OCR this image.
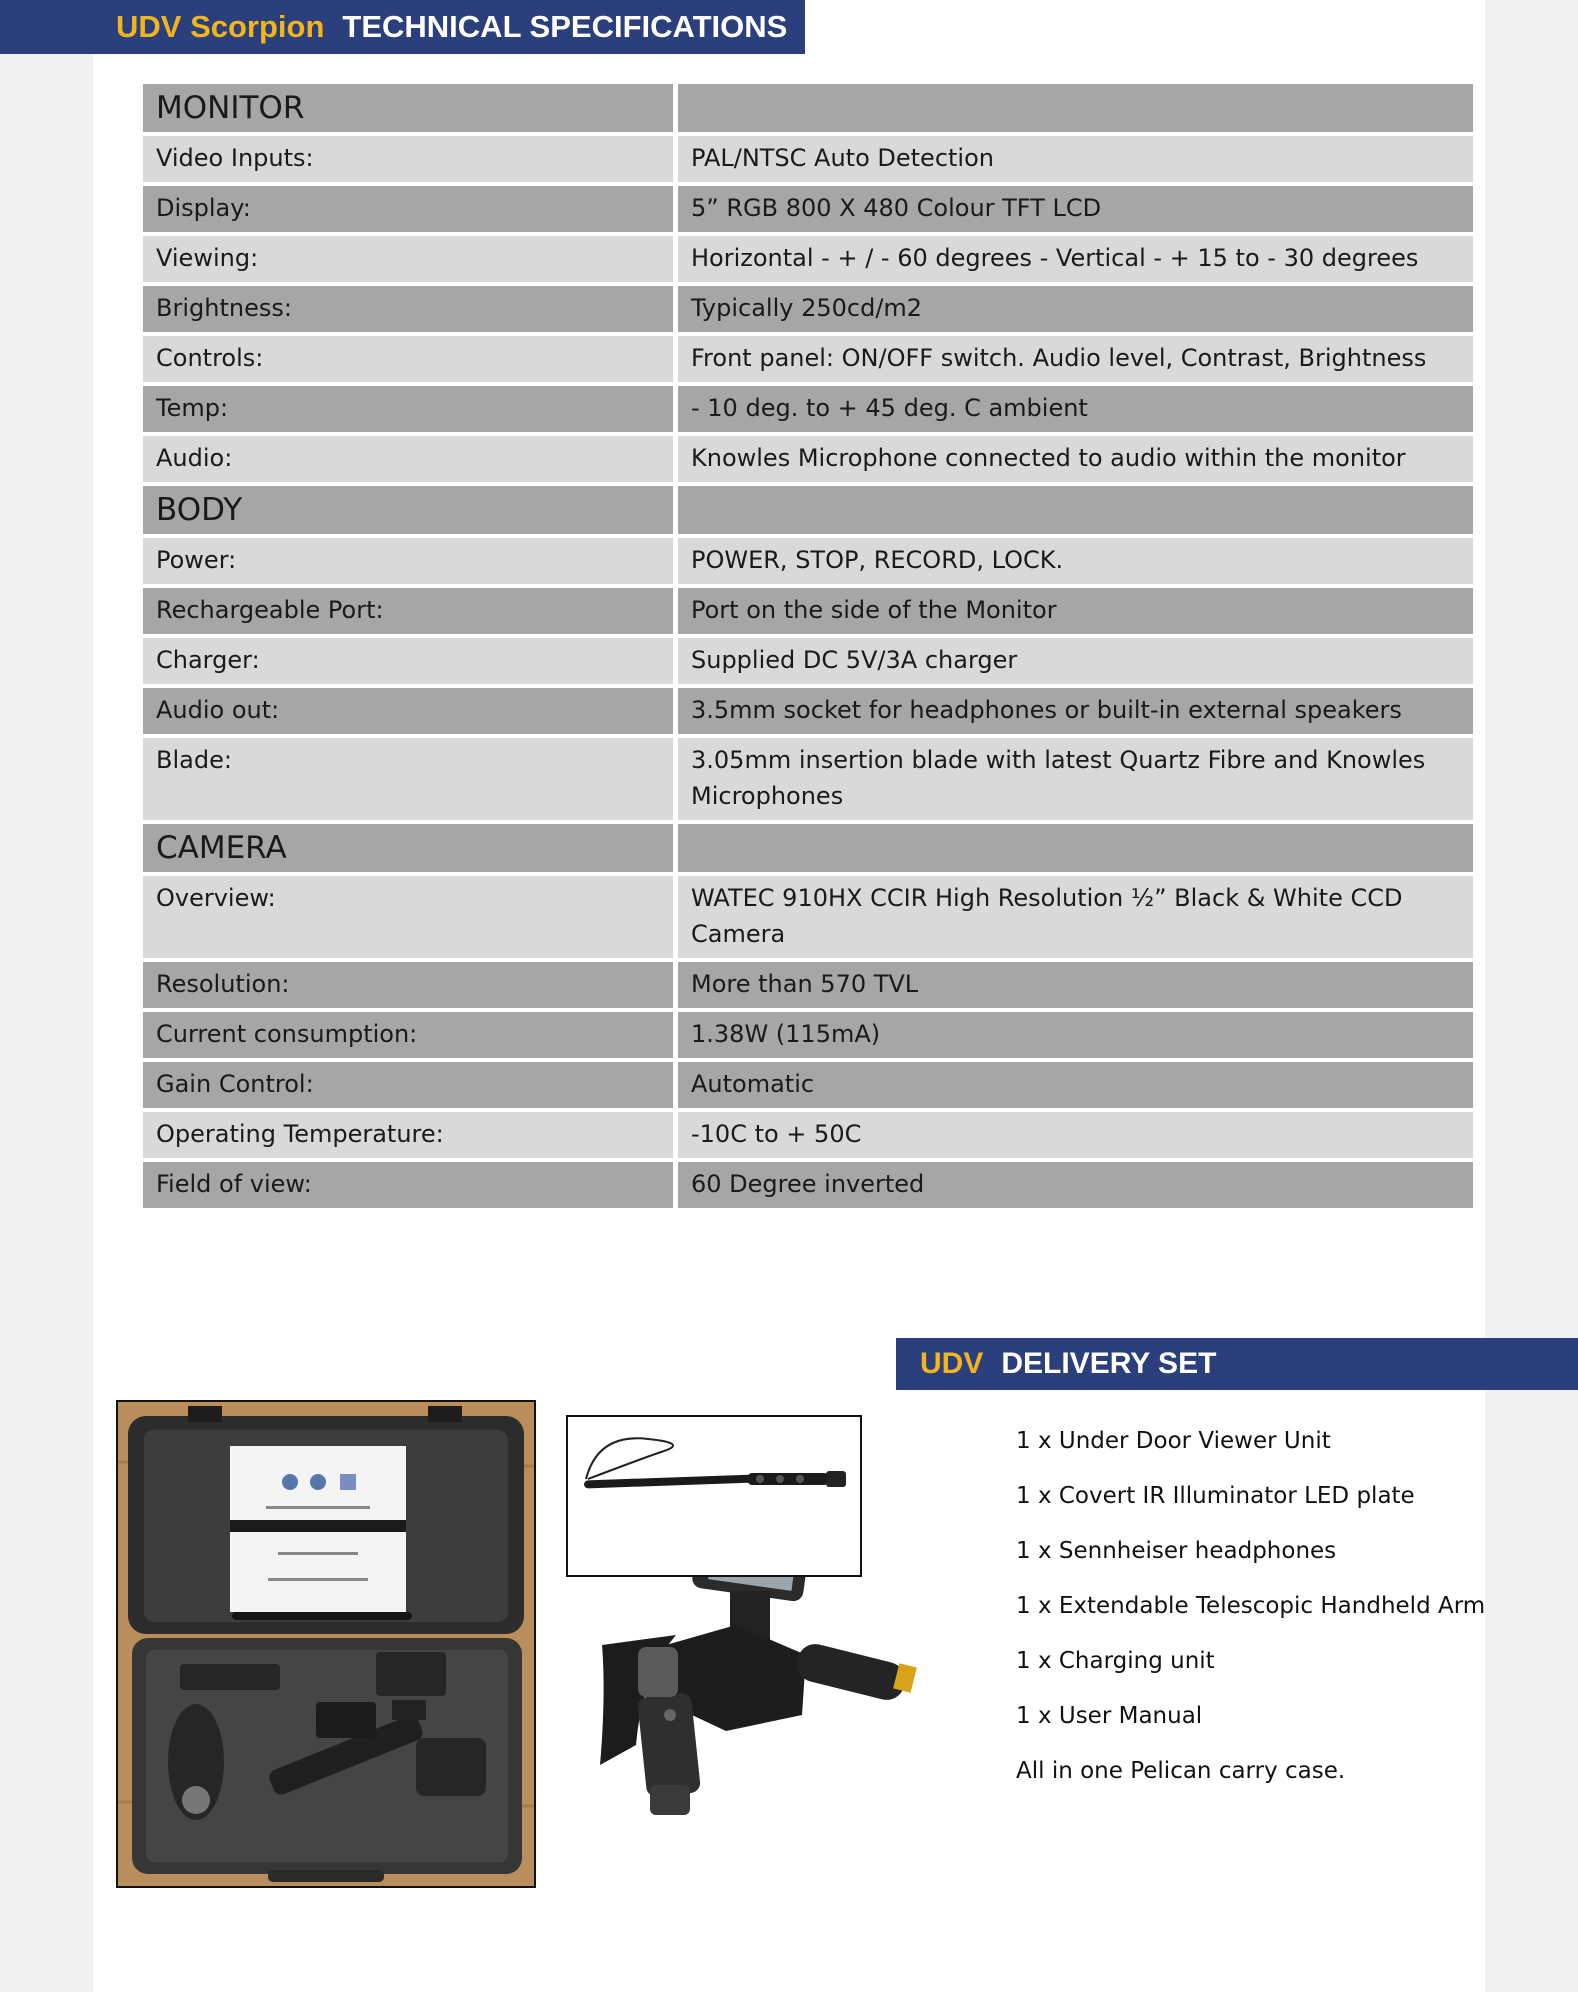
UDV Scorpion TECHNICAL SPECIFICATIONS
MONITOR	
Video Inputs:	PAL/NTSC Auto Detection
Display:	5” RGB 800 X 480 Colour TFT LCD
Viewing:	Horizontal - + / - 60 degrees - Vertical - + 15 to - 30 degrees
Brightness:	Typically 250cd/m2
Controls:	Front panel: ON/OFF switch. Audio level, Contrast, Brightness
Temp:	- 10 deg. to + 45 deg. C ambient
Audio:	Knowles Microphone connected to audio within the monitor
BODY	
Power:	POWER, STOP, RECORD, LOCK.
Rechargeable Port:	Port on the side of the Monitor
Charger:	Supplied DC 5V/3A charger
Audio out:	3.5mm socket for headphones or built-in external speakers
Blade:	3.05mm insertion blade with latest Quartz Fibre and Knowles Microphones
CAMERA	
Overview:	WATEC 910HX CCIR High Resolution ½” Black & White CCD Camera
Resolution:	More than 570 TVL
Current consumption:	1.38W (115mA)
Gain Control:	Automatic
Operating Temperature:	-10C to + 50C
Field of view:	60 Degree inverted
UDV DELIVERY SET
1 x Under Door Viewer Unit
1 x Covert IR Illuminator LED plate
1 x Sennheiser headphones
1 x Extendable Telescopic Handheld Arm
1 x Charging unit
1 x User Manual
All in one Pelican carry case.
